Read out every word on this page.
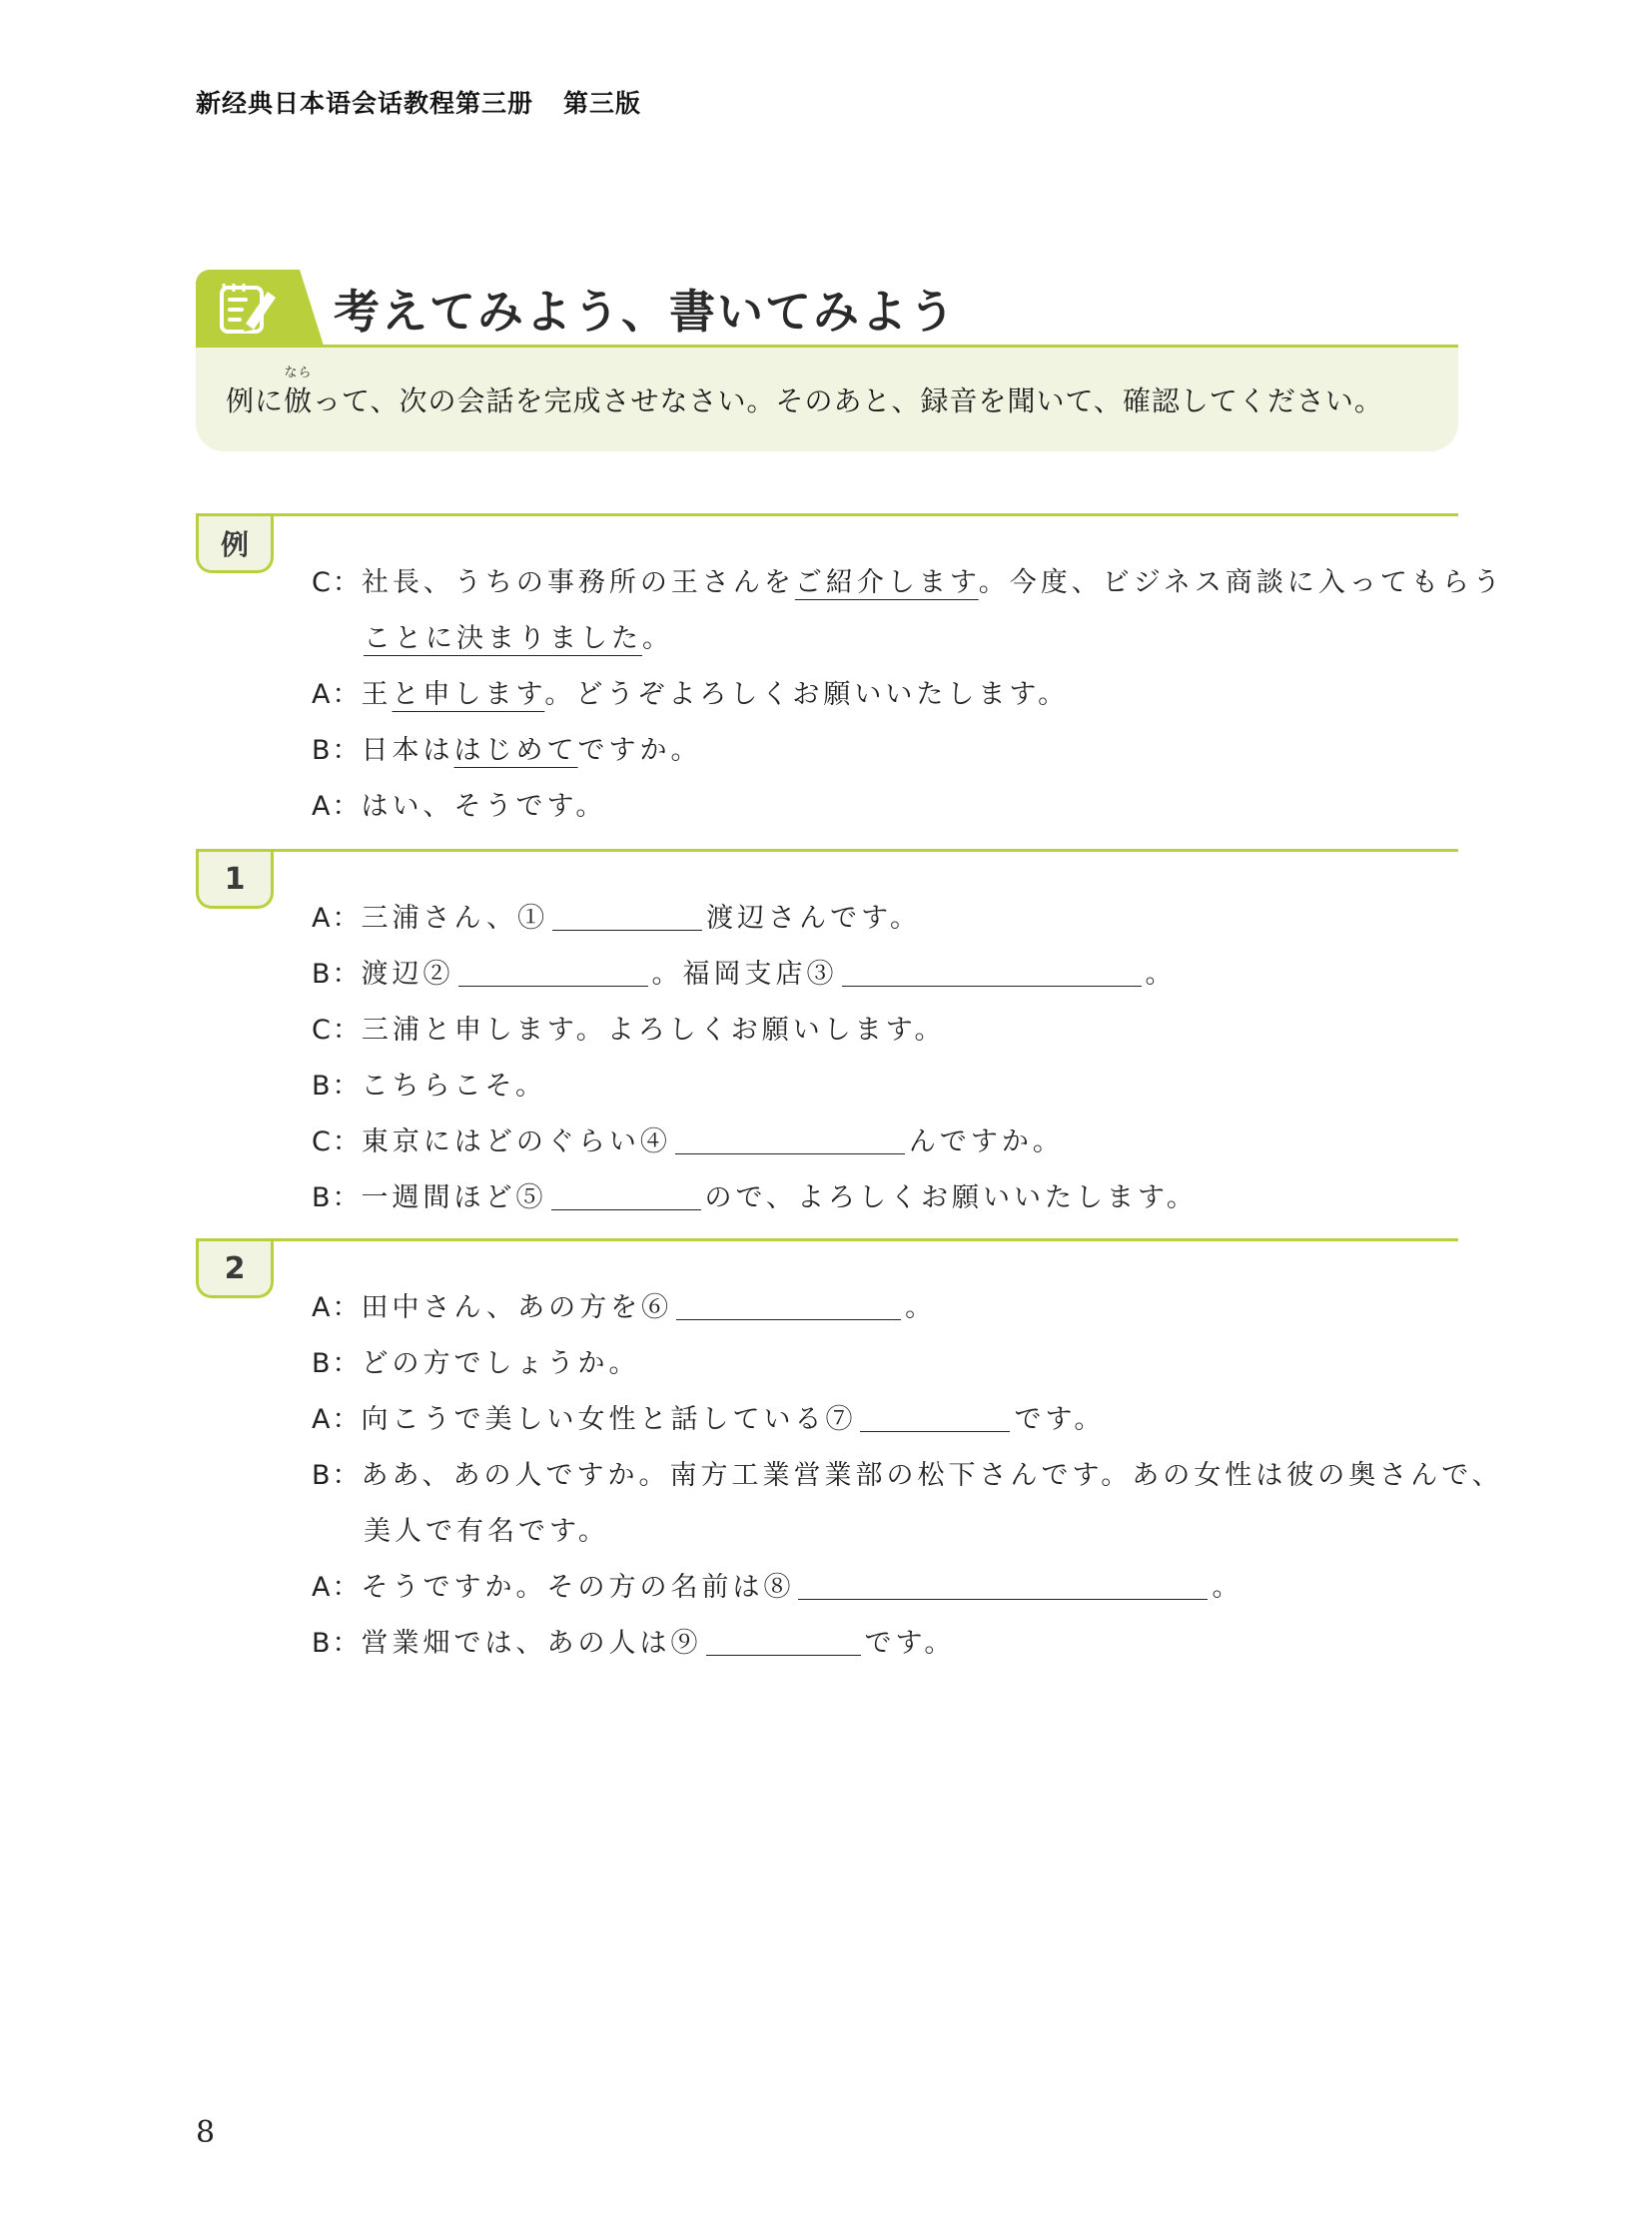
新经典日本语会话教程第三册 第三版
考えてみよう、書いてみよう
例に
なら
倣って、次の会話を完成させなさい。そのあと、録音を聞いて、確認してください。
例
C：社長、うちの事務所の王さんをご紹介します。今度、ビジネス商談に入ってもらう
ことに決まりました。
A：王と申します。どうぞよろしくお願いいたします。
B：日本ははじめてですか。
A：はい、そうです。
1
A：三浦さん、①	渡辺さんです。
B：渡辺②	。福岡支店③	。
C：三浦と申します。よろしくお願いします。
B：こちらこそ。
C：東京にはどのぐらい④	んですか。
B：一週間ほど⑤	ので、よろしくお願いいたします。
2
A：田中さん、あの方を⑥	。
B：どの方でしょうか。
A：向こうで美しい女性と話している⑦	です。
B：ああ、あの人ですか。南方工業営業部の松下さんです。あの女性は彼の奥さんで、
美人で有名です。
A：そうですか。その方の名前は⑧	。
B：営業畑では、あの人は⑨	です。
8
